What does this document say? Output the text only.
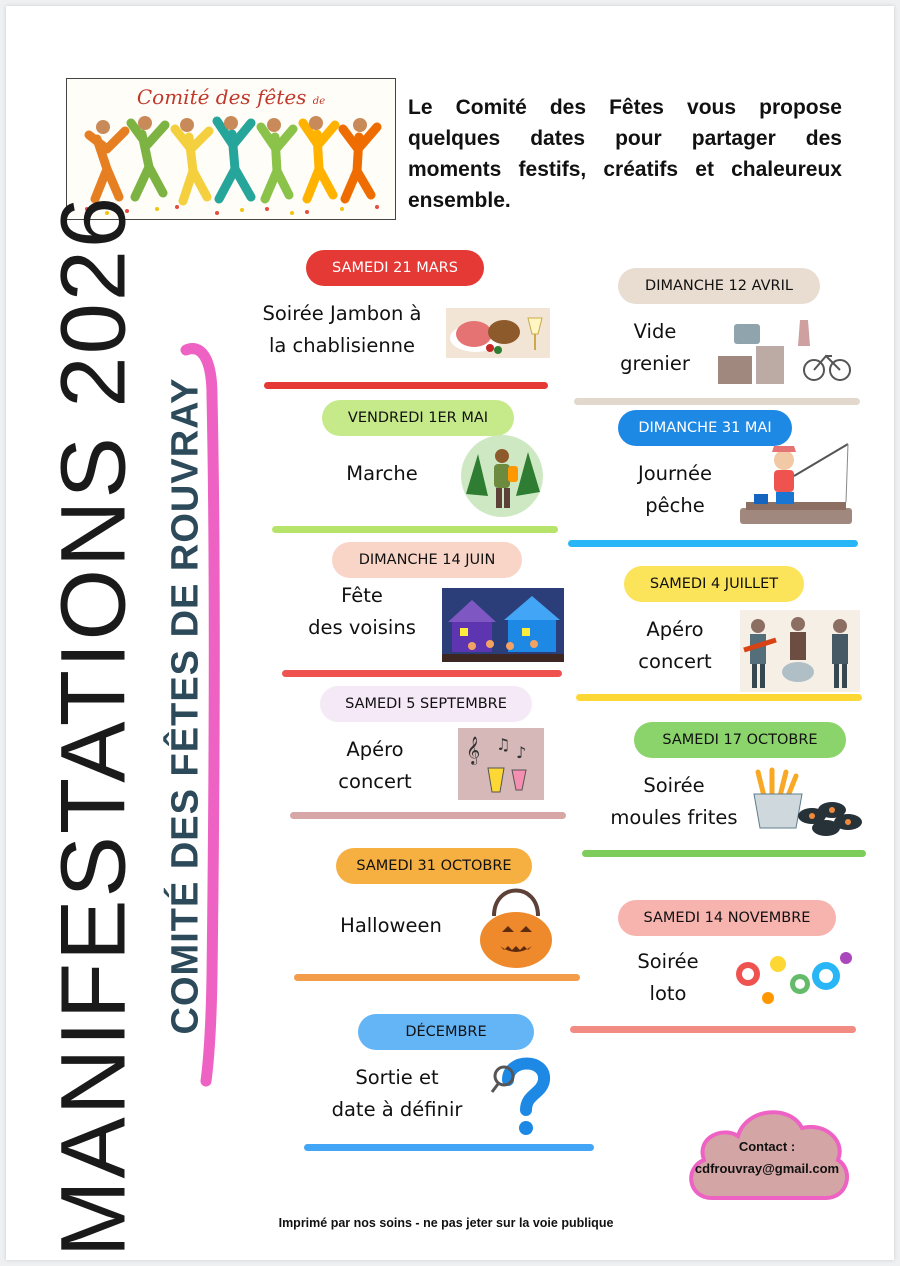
Comité des fêtes de	Le Comité des Fêtes vous propose quelques dates pour partager des moments festifs, créatifs et chaleureux ensemble.
MANIFESTATIONS 2026 COMITÉ DES FÊTES DE ROUVRAY
SAMEDI 21 MARS
Soirée Jambon à
la chablisienne
DIMANCHE 12 AVRIL
Vide
grenier
VENDREDI 1ER MAI
Marche
DIMANCHE 31 MAI
Journée
pêche
DIMANCHE 14 JUIN
Fête
des voisins
SAMEDI 4 JUILLET
Apéro
concert
SAMEDI 5 SEPTEMBRE
Apéro
concert
𝄞 ♫ ♪
SAMEDI 17 OCTOBRE
Soirée
moules frites
SAMEDI 31 OCTOBRE
Halloween	SAMEDI 14 NOVEMBRE
Soirée
loto
DÉCEMBRE
Sortie et
date à définir
Contact :
cdfrouvray@gmail.com
Imprimé par nos soins - ne pas jeter sur la voie publique
